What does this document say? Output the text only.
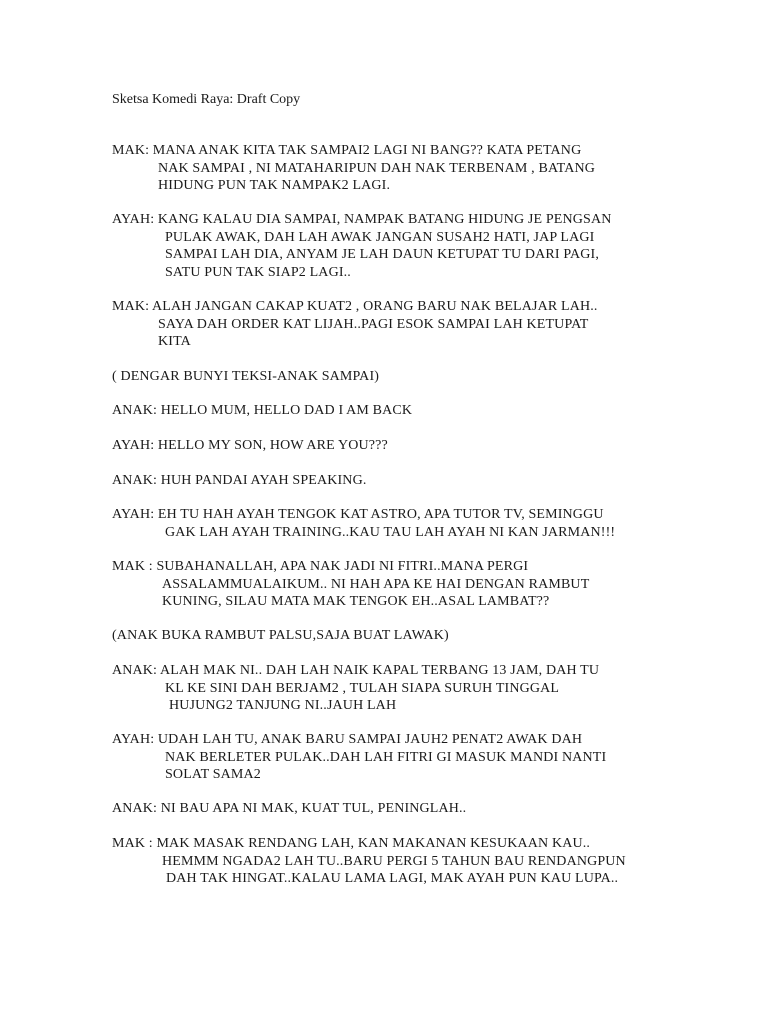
Sketsa Komedi Raya: Draft Copy
MAK: MANA ANAK KITA TAK SAMPAI2 LAGI NI BANG?? KATA PETANG
NAK SAMPAI , NI MATAHARIPUN DAH NAK TERBENAM , BATANG
HIDUNG PUN TAK NAMPAK2 LAGI.
AYAH: KANG KALAU DIA SAMPAI, NAMPAK BATANG HIDUNG JE PENGSAN
PULAK AWAK, DAH LAH AWAK JANGAN SUSAH2 HATI, JAP LAGI
SAMPAI LAH DIA, ANYAM JE LAH DAUN KETUPAT TU DARI PAGI,
SATU PUN TAK SIAP2 LAGI..
MAK: ALAH JANGAN CAKAP KUAT2 , ORANG BARU NAK BELAJAR LAH..
SAYA DAH ORDER KAT LIJAH..PAGI ESOK SAMPAI LAH KETUPAT
KITA
( DENGAR BUNYI TEKSI-ANAK SAMPAI)
ANAK: HELLO MUM, HELLO DAD I AM BACK
AYAH: HELLO MY SON, HOW ARE YOU???
ANAK: HUH PANDAI AYAH SPEAKING.
AYAH: EH TU HAH AYAH TENGOK KAT ASTRO, APA TUTOR TV, SEMINGGU
GAK LAH AYAH TRAINING..KAU TAU LAH AYAH NI KAN JARMAN!!!
MAK : SUBAHANALLAH, APA NAK JADI NI FITRI..MANA PERGI
ASSALAMMUALAIKUM.. NI HAH APA KE HAI DENGAN RAMBUT
KUNING, SILAU MATA MAK TENGOK EH..ASAL LAMBAT??
(ANAK BUKA RAMBUT PALSU,SAJA BUAT LAWAK)
ANAK: ALAH MAK NI.. DAH LAH NAIK KAPAL TERBANG 13 JAM, DAH TU
KL KE SINI DAH BERJAM2 , TULAH SIAPA SURUH TINGGAL
HUJUNG2 TANJUNG NI..JAUH LAH
AYAH: UDAH LAH TU, ANAK BARU SAMPAI JAUH2 PENAT2 AWAK DAH
NAK BERLETER PULAK..DAH LAH FITRI GI MASUK MANDI NANTI
SOLAT SAMA2
ANAK: NI BAU APA NI MAK, KUAT TUL, PENINGLAH..
MAK : MAK MASAK RENDANG LAH, KAN MAKANAN KESUKAAN KAU..
HEMMM NGADA2 LAH TU..BARU PERGI 5 TAHUN BAU RENDANGPUN
DAH TAK HINGAT..KALAU LAMA LAGI, MAK AYAH PUN KAU LUPA..
